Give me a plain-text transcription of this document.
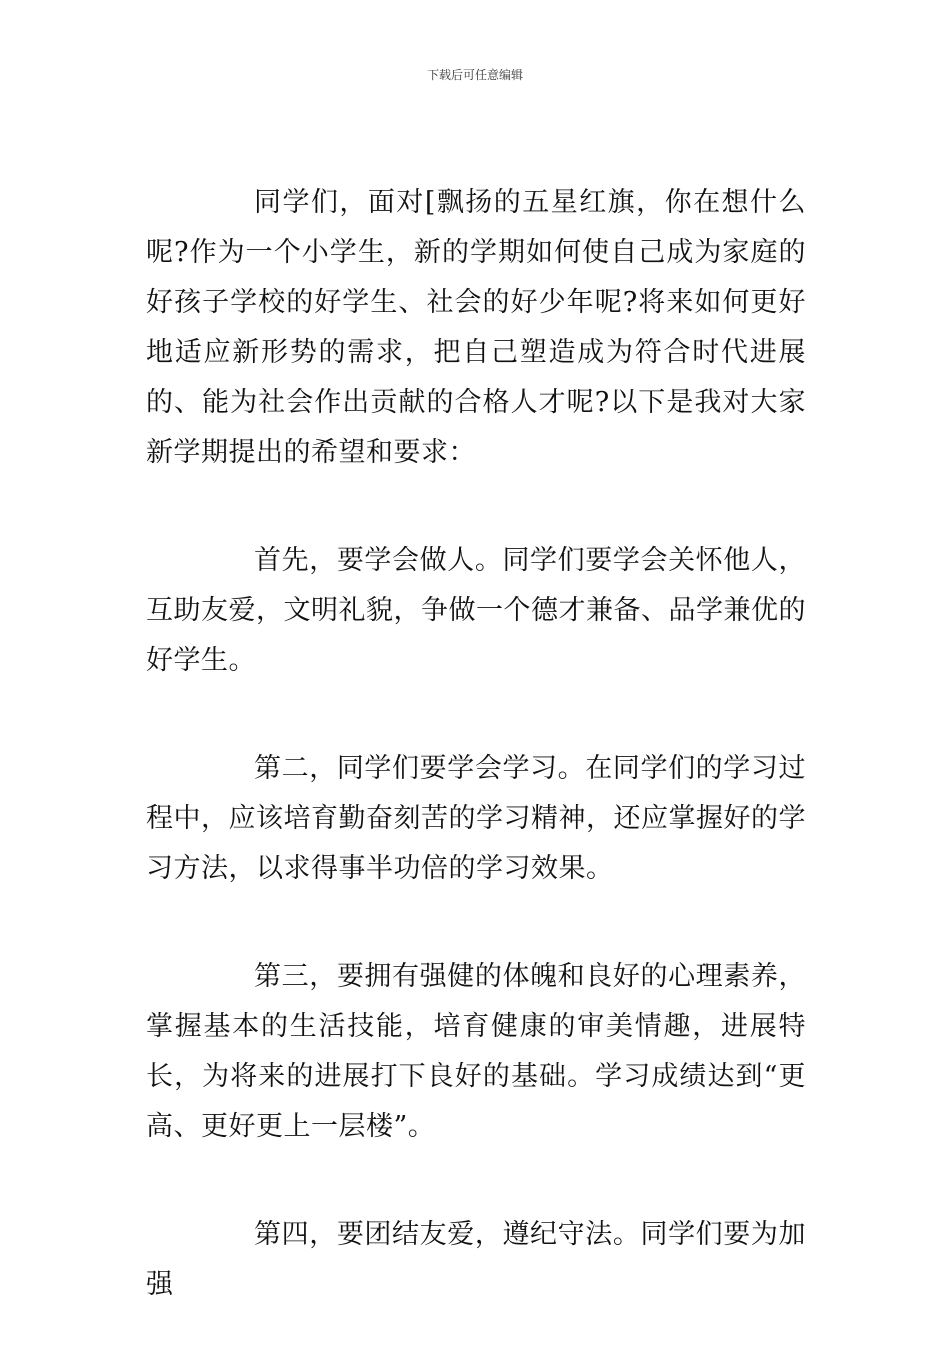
下载后可任意编辑

同学们，面对[飘扬的五星红旗，你在想什么呢?作为一个小学生，新的学期如何使自己成为家庭的好孩子学校的好学生、社会的好少年呢?将来如何更好地适应新形势的需求，把自己塑造成为符合时代进展的、能为社会作出贡献的合格人才呢?以下是我对大家新学期提出的希望和要求：

首先，要学会做人。同学们要学会关怀他人，互助友爱，文明礼貌，争做一个德才兼备、品学兼优的好学生。

第二，同学们要学会学习。在同学们的学习过程中，应该培育勤奋刻苦的学习精神，还应掌握好的学习方法，以求得事半功倍的学习效果。

第三，要拥有强健的体魄和良好的心理素养，掌握基本的生活技能，培育健康的审美情趣，进展特长，为将来的进展打下良好的基础。学习成绩达到“更高、更好更上一层楼”。

第四，要团结友爱，遵纪守法。同学们要为加强
